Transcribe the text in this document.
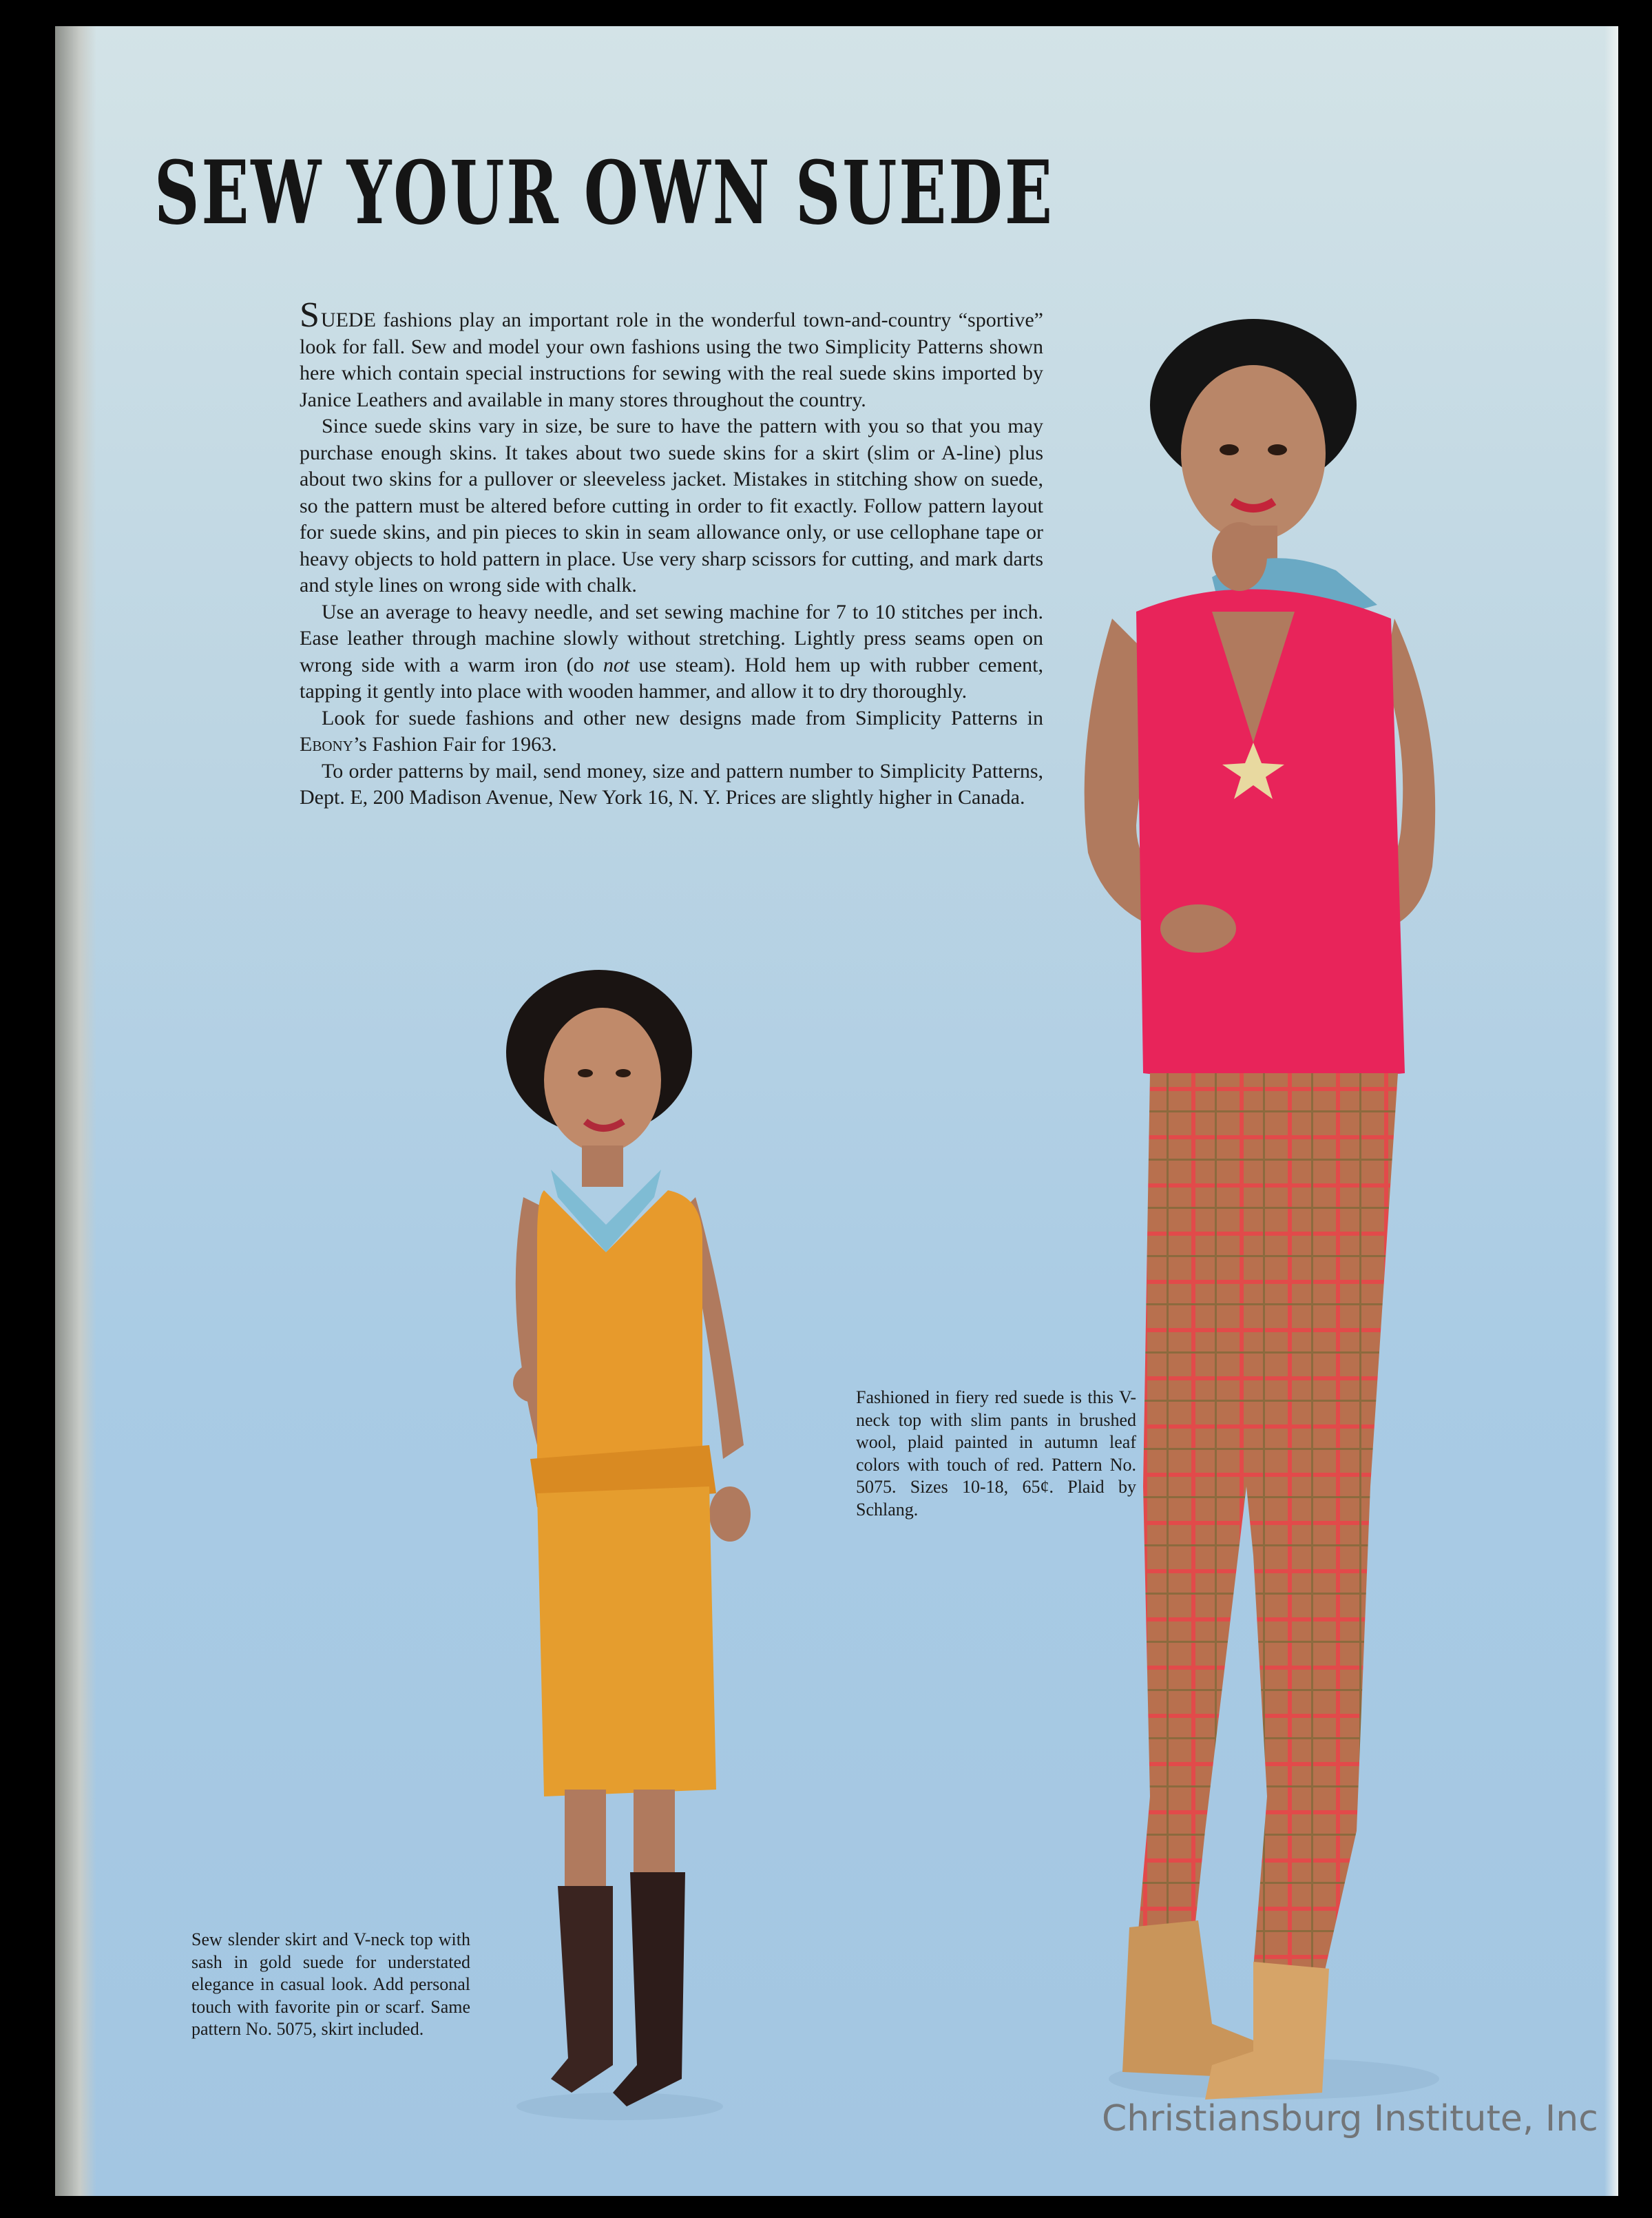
SEW YOUR OWN SUEDE

SUEDE fashions play an important role in the wonderful town-and-country “sportive” look for fall. Sew and model your own fashions using the two Simplicity Patterns shown here which contain special instructions for sewing with the real suede skins imported by Janice Leathers and available in many stores throughout the country.

Since suede skins vary in size, be sure to have the pattern with you so that you may purchase enough skins. It takes about two suede skins for a skirt (slim or A-line) plus about two skins for a pullover or sleeveless jacket. Mistakes in stitching show on suede, so the pattern must be altered before cutting in order to fit exactly. Follow pattern layout for suede skins, and pin pieces to skin in seam allowance only, or use cellophane tape or heavy objects to hold pattern in place. Use very sharp scissors for cutting, and mark darts and style lines on wrong side with chalk.

Use an average to heavy needle, and set sewing machine for 7 to 10 stitches per inch. Ease leather through machine slowly without stretching. Lightly press seams open on wrong side with a warm iron (do not use steam). Hold hem up with rubber cement, tapping it gently into place with wooden hammer, and allow it to dry thoroughly.

Look for suede fashions and other new designs made from Simplicity Patterns in Ebony’s Fashion Fair for 1963.

To order patterns by mail, send money, size and pattern number to Simplicity Patterns, Dept. E, 200 Madison Avenue, New York 16, N. Y. Prices are slightly higher in Canada.

Fashioned in fiery red suede is this V-neck top with slim pants in brushed wool, plaid painted in autumn leaf colors with touch of red. Pattern No. 5075. Sizes 10-18, 65¢. Plaid by Schlang.
Sew slender skirt and V-neck top with sash in gold suede for understated elegance in casual look. Add personal touch with favorite pin or scarf. Same pattern No. 5075, skirt included.
Christiansburg Institute, Inc
